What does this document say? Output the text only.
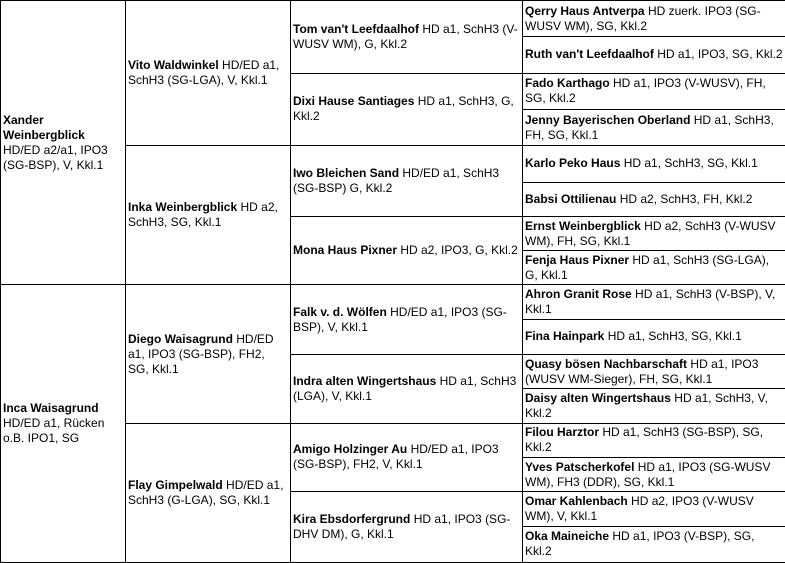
Xander Weinbergblick
HD/ED a2/a1, IPO3 (SG-BSP), V, Kkl.1	Vito Waldwinkel HD/ED a1, SchH3 (SG-LGA), V, Kkl.1	Tom van't Leefdaalhof HD a1, SchH3 (V-WUSV WM), G, Kkl.2	Qerry Haus Antverpa HD zuerk. IPO3 (SG-WUSV WM), SG, Kkl.2
			Ruth van't Leefdaalhof HD a1, IPO3, SG, Kkl.2
		Dixi Hause Santiages HD a1, SchH3, G, Kkl.2	Fado Karthago HD a1, IPO3 (V-WUSV), FH, SG, Kkl.2
			Jenny Bayerischen Oberland HD a1, SchH3, FH, SG, Kkl.1
	Inka Weinbergblick HD a2, SchH3, SG, Kkl.1	Iwo Bleichen Sand HD/ED a1, SchH3 (SG-BSP) G, Kkl.2	Karlo Peko Haus HD a1, SchH3, SG, Kkl.1
			Babsi Ottilienau HD a2, SchH3, FH, Kkl.2
		Mona Haus Pixner HD a2, IPO3, G, Kkl.2	Ernst Weinbergblick HD a2, SchH3 (V-WUSV WM), FH, SG, Kkl.1
			Fenja Haus Pixner HD a1, SchH3 (SG-LGA), G, Kkl.1
Inca Waisagrund
HD/ED a1, Rücken o.B. IPO1, SG	Diego Waisagrund HD/ED a1, IPO3 (SG-BSP), FH2, SG, Kkl.1	Falk v. d. Wölfen HD/ED a1, IPO3 (SG-BSP), V, Kkl.1	Ahron Granit Rose HD a1, SchH3 (V-BSP), V, Kkl.1
			Fina Hainpark HD a1, SchH3, SG, Kkl.1
		Indra alten Wingertshaus HD a1, SchH3 (LGA), V, Kkl.1	Quasy bösen Nachbarschaft HD a1, IPO3 (WUSV WM-Sieger), FH, SG, Kkl.1
			Daisy alten Wingertshaus HD a1, SchH3, V, Kkl.2
	Flay Gimpelwald HD/ED a1, SchH3 (G-LGA), SG, Kkl.1	Amigo Holzinger Au HD/ED a1, IPO3 (SG-BSP), FH2, V, Kkl.1	Filou Harztor HD a1, SchH3 (SG-BSP), SG, Kkl.2
			Yves Patscherkofel HD a1, IPO3 (SG-WUSV WM), FH3 (DDR), SG, Kkl.1
		Kira Ebsdorfergrund HD a1, IPO3 (SG-DHV DM), G, Kkl.1	Omar Kahlenbach HD a2, IPO3 (V-WUSV WM), V, Kkl.1
			Oka Maineiche HD a1, IPO3 (V-BSP), SG, Kkl.2
